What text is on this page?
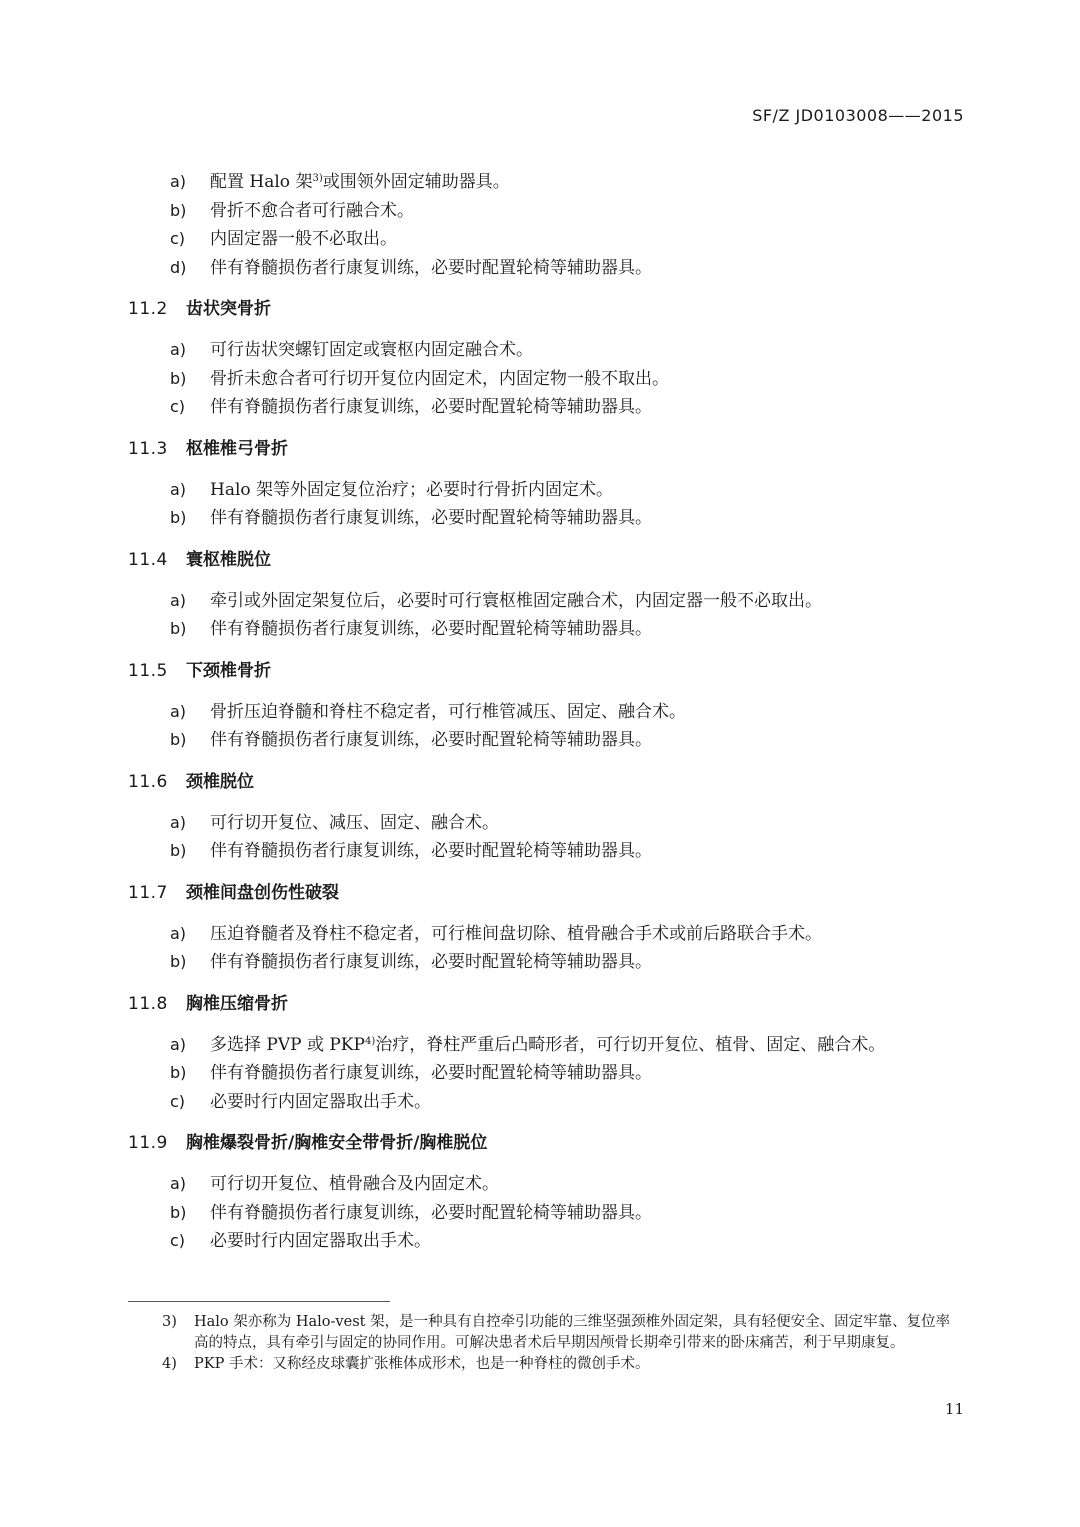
SF/Z JD0103008——2015
a)	配置 Halo 架$^{3)}$或围领外固定辅助器具。
b)	骨折不愈合者可行融合术。
c)	内固定器一般不必取出。
d)	伴有脊髓损伤者行康复训练，必要时配置轮椅等辅助器具。
11.2	齿状突骨折
a)	可行齿状突螺钉固定或寰枢内固定融合术。
b)	骨折未愈合者可行切开复位内固定术，内固定物一般不取出。
c)	伴有脊髓损伤者行康复训练，必要时配置轮椅等辅助器具。
11.3	枢椎椎弓骨折
a)	Halo 架等外固定复位治疗；必要时行骨折内固定术。
b)	伴有脊髓损伤者行康复训练，必要时配置轮椅等辅助器具。
11.4	寰枢椎脱位
a)	牵引或外固定架复位后，必要时可行寰枢椎固定融合术，内固定器一般不必取出。
b)	伴有脊髓损伤者行康复训练，必要时配置轮椅等辅助器具。
11.5	下颈椎骨折
a)	骨折压迫脊髓和脊柱不稳定者，可行椎管减压、固定、融合术。
b)	伴有脊髓损伤者行康复训练，必要时配置轮椅等辅助器具。
11.6	颈椎脱位
a)	可行切开复位、减压、固定、融合术。
b)	伴有脊髓损伤者行康复训练，必要时配置轮椅等辅助器具。
11.7	颈椎间盘创伤性破裂
a)	压迫脊髓者及脊柱不稳定者，可行椎间盘切除、植骨融合手术或前后路联合手术。
b)	伴有脊髓损伤者行康复训练，必要时配置轮椅等辅助器具。
11.8	胸椎压缩骨折
a)	多选择 PVP 或 PKP$^{4)}$治疗，脊柱严重后凸畸形者，可行切开复位、植骨、固定、融合术。
b)	伴有脊髓损伤者行康复训练，必要时配置轮椅等辅助器具。
c)	必要时行内固定器取出手术。
11.9	胸椎爆裂骨折/胸椎安全带骨折/胸椎脱位
a)	可行切开复位、植骨融合及内固定术。
b)	伴有脊髓损伤者行康复训练，必要时配置轮椅等辅助器具。
c)	必要时行内固定器取出手术。
3)	Halo 架亦称为 Halo-vest 架，是一种具有自控牵引功能的三维坚强颈椎外固定架，具有轻便安全、固定牢靠、复位率高的特点，具有牵引与固定的协同作用。可解决患者术后早期因颅骨长期牵引带来的卧床痛苦，利于早期康复。
4)	PKP 手术：又称经皮球囊扩张椎体成形术，也是一种脊柱的微创手术。
11
